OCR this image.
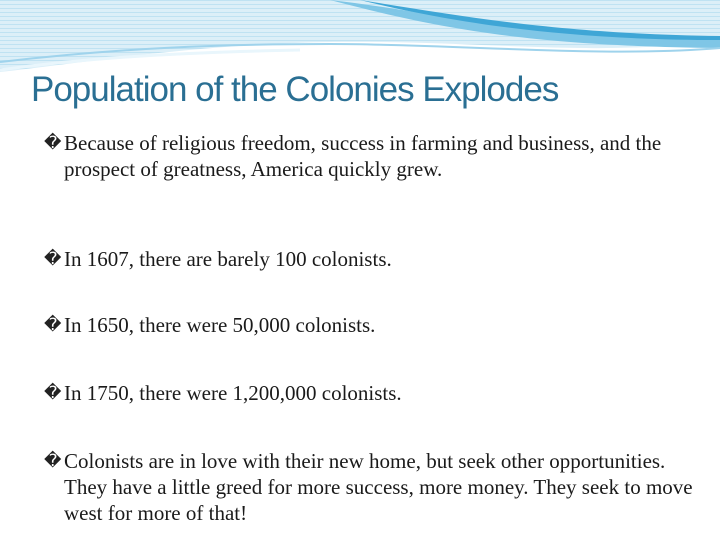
Population of the Colonies Explodes
� Because of religious freedom, success in farming and business, and the prospect of greatness, America quickly grew.
� In 1607, there are barely 100 colonists.
� In 1650, there were 50,000 colonists.
� In 1750, there were 1,200,000 colonists.
� Colonists are in love with their new home, but seek other opportunities. They have a little greed for more success, more money. They seek to move west for more of that!
